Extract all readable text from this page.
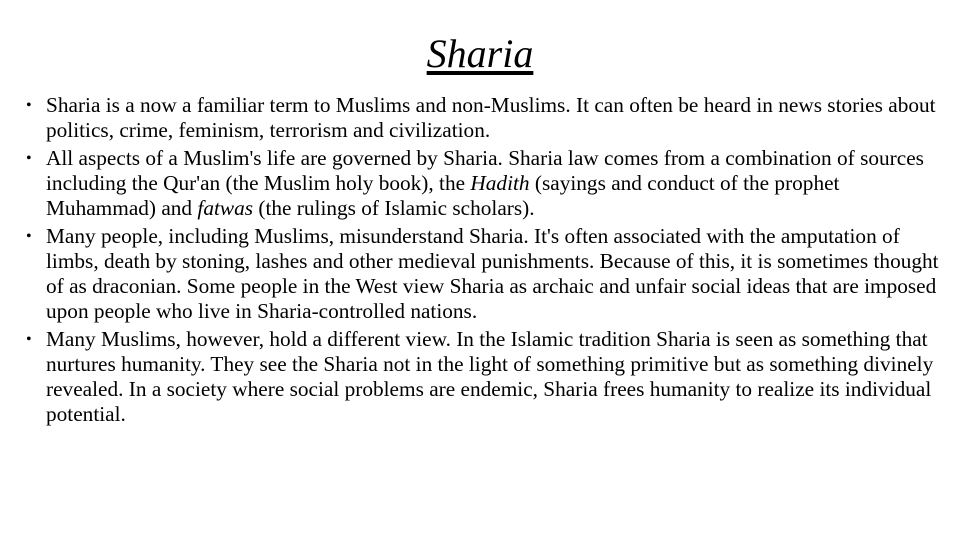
Sharia
• Sharia is a now a familiar term to Muslims and non-Muslims. It can often be heard in news stories about politics, crime, feminism, terrorism and civilization.
• All aspects of a Muslim's life are governed by Sharia. Sharia law comes from a combination of sources including the Qur'an (the Muslim holy book), the Hadith (sayings and conduct of the prophet Muhammad) and fatwas (the rulings of Islamic scholars).
• Many people, including Muslims, misunderstand Sharia. It's often associated with the amputation of limbs, death by stoning, lashes and other medieval punishments. Because of this, it is sometimes thought of as draconian. Some people in the West view Sharia as archaic and unfair social ideas that are imposed upon people who live in Sharia-controlled nations.
• Many Muslims, however, hold a different view. In the Islamic tradition Sharia is seen as something that nurtures humanity. They see the Sharia not in the light of something primitive but as something divinely revealed. In a society where social problems are endemic, Sharia frees humanity to realize its individual potential.
